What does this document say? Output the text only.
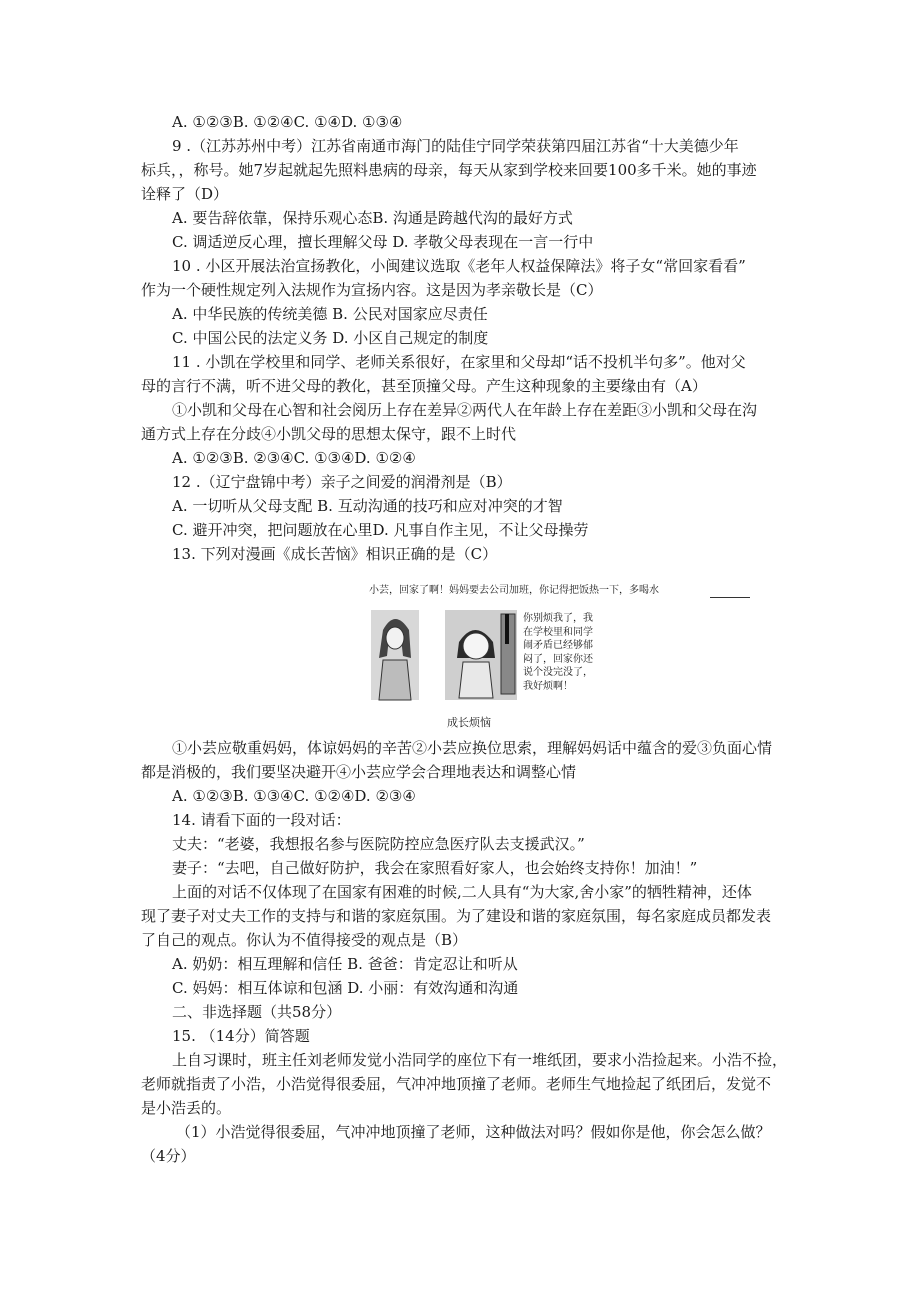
A. ①②③B. ①②④C. ①④D. ①③④
9 .（江苏苏州中考）江苏省南通市海门的陆佳宁同学荣获第四届江苏省“十大美德少年
标兵，，称号。她7岁起就起先照料患病的母亲，每天从家到学校来回要100多千米。她的事迹
诠释了（D）
A. 要告辞依靠，保持乐观心态B. 沟通是跨越代沟的最好方式
C. 调适逆反心理，擅长理解父母 D. 孝敬父母表现在一言一行中
10 . 小区开展法治宣扬教化，小闽建议选取《老年人权益保障法》将子女“常回家看看”
作为一个硬性规定列入法规作为宣扬内容。这是因为孝亲敬长是（C）
A. 中华民族的传统美德 B. 公民对国家应尽责任
C. 中国公民的法定义务 D. 小区自己规定的制度
11 . 小凯在学校里和同学、老师关系很好，在家里和父母却“话不投机半句多”。他对父
母的言行不满，听不进父母的教化，甚至顶撞父母。产生这种现象的主要缘由有（A）
①小凯和父母在心智和社会阅历上存在差异②两代人在年龄上存在差距③小凯和父母在沟
通方式上存在分歧④小凯父母的思想太保守，跟不上时代
A. ①②③B. ②③④C. ①③④D. ①②④
12 .（辽宁盘锦中考）亲子之间爱的润滑剂是（B）
A. 一切听从父母支配 B. 互动沟通的技巧和应对冲突的才智
C. 避开冲突，把问题放在心里D. 凡事自作主见，不让父母操劳
13. 下列对漫画《成长苦恼》相识正确的是（C）
小芸，回家了啊！妈妈要去公司加班，你记得把饭热一下，多喝水
你别烦我了，我
在学校里和同学
闹矛盾已经够郁
闷了，回家你还
说个没完没了，
我好烦啊！
成长烦恼
①小芸应敬重妈妈，体谅妈妈的辛苦②小芸应换位思索，理解妈妈话中蕴含的爱③负面心情
都是消极的，我们要坚决避开④小芸应学会合理地表达和调整心情
A. ①②③B. ①③④C. ①②④D. ②③④
14. 请看下面的一段对话：
丈夫：“老婆，我想报名参与医院防控应急医疗队去支援武汉。”
妻子：“去吧，自己做好防护，我会在家照看好家人，也会始终支持你！加油！”
上面的对话不仅体现了在国家有困难的时候,二人具有“为大家,舍小家”的牺牲精神，还体
现了妻子对丈夫工作的支持与和谐的家庭氛围。为了建设和谐的家庭氛围，每名家庭成员都发表
了自己的观点。你认为不值得接受的观点是（B）
A. 奶奶：相互理解和信任 B. 爸爸：肯定忍让和听从
C. 妈妈：相互体谅和包涵 D. 小丽：有效沟通和沟通
二、非选择题（共58分）
15. （14分）简答题
上自习课时，班主任刘老师发觉小浩同学的座位下有一堆纸团，要求小浩捡起来。小浩不捡，
老师就指责了小浩，小浩觉得很委屈，气冲冲地顶撞了老师。老师生气地捡起了纸团后，发觉不
是小浩丢的。
（1）小浩觉得很委屈，气冲冲地顶撞了老师，这种做法对吗？假如你是他，你会怎么做？
（4分）
